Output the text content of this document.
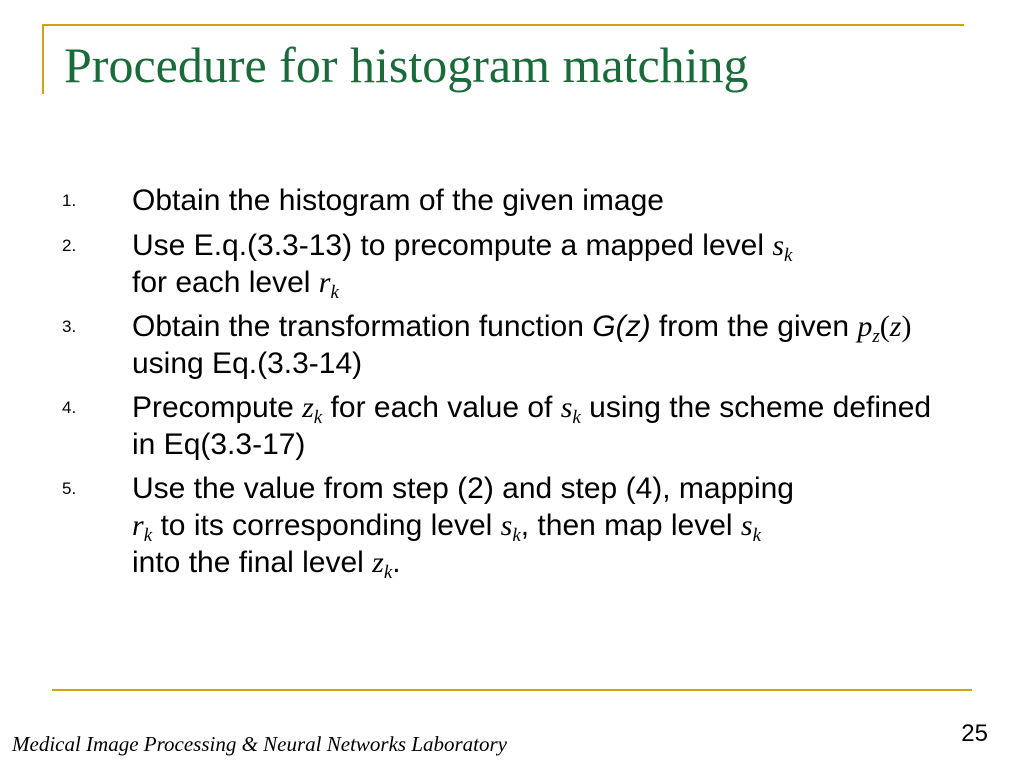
Procedure for histogram matching
1.	Obtain the histogram of the given image
2.	Use E.q.(3.3-13) to precompute a mapped level $s_k$
for each level $r_k$
3.	Obtain the transformation function G(z) from the given $p_z(z)$ using Eq.(3.3-14)
4.	Precompute $z_k$ for each value of $s_k$ using the scheme defined in Eq(3.3-17)
5.	Use the value from step (2) and step (4), mapping
$r_k$ to its corresponding level $s_k$, then map level $s_k$
into the final level $z_k$.
Medical Image Processing & Neural Networks Laboratory	25
